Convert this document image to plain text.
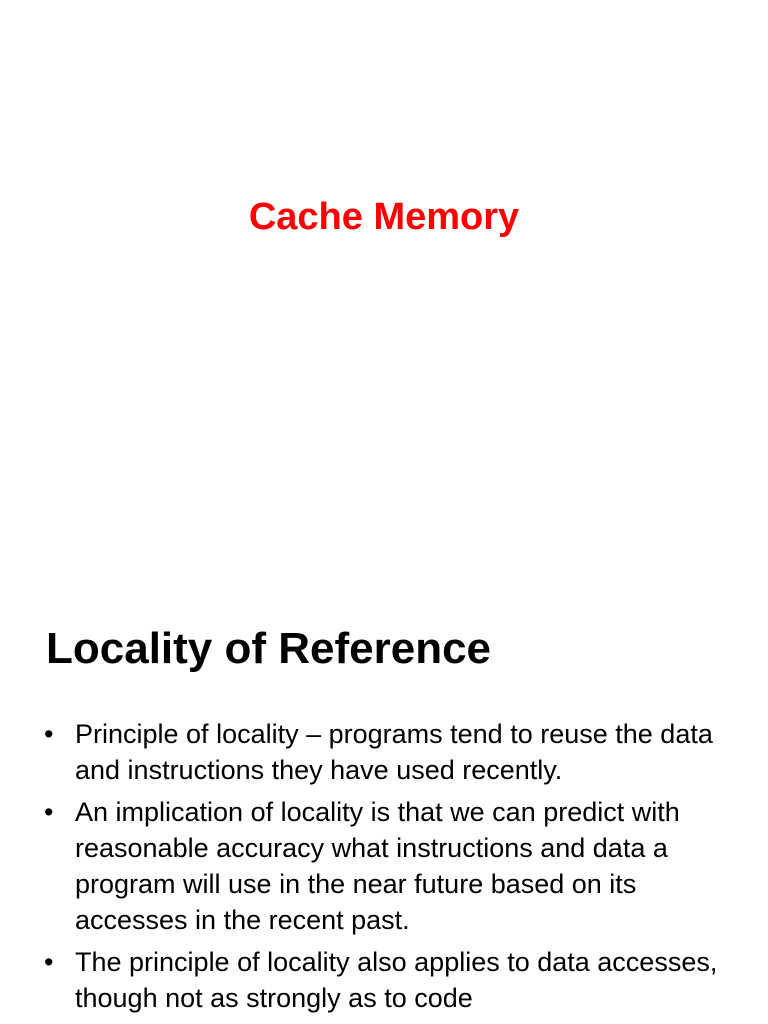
Cache Memory
Locality of Reference
• Principle of locality – programs tend to reuse the data and instructions they have used recently.
• An implication of locality is that we can predict with reasonable accuracy what instructions and data a program will use in the near future based on its accesses in the recent past.
• The principle of locality also applies to data accesses, though not as strongly as to code
